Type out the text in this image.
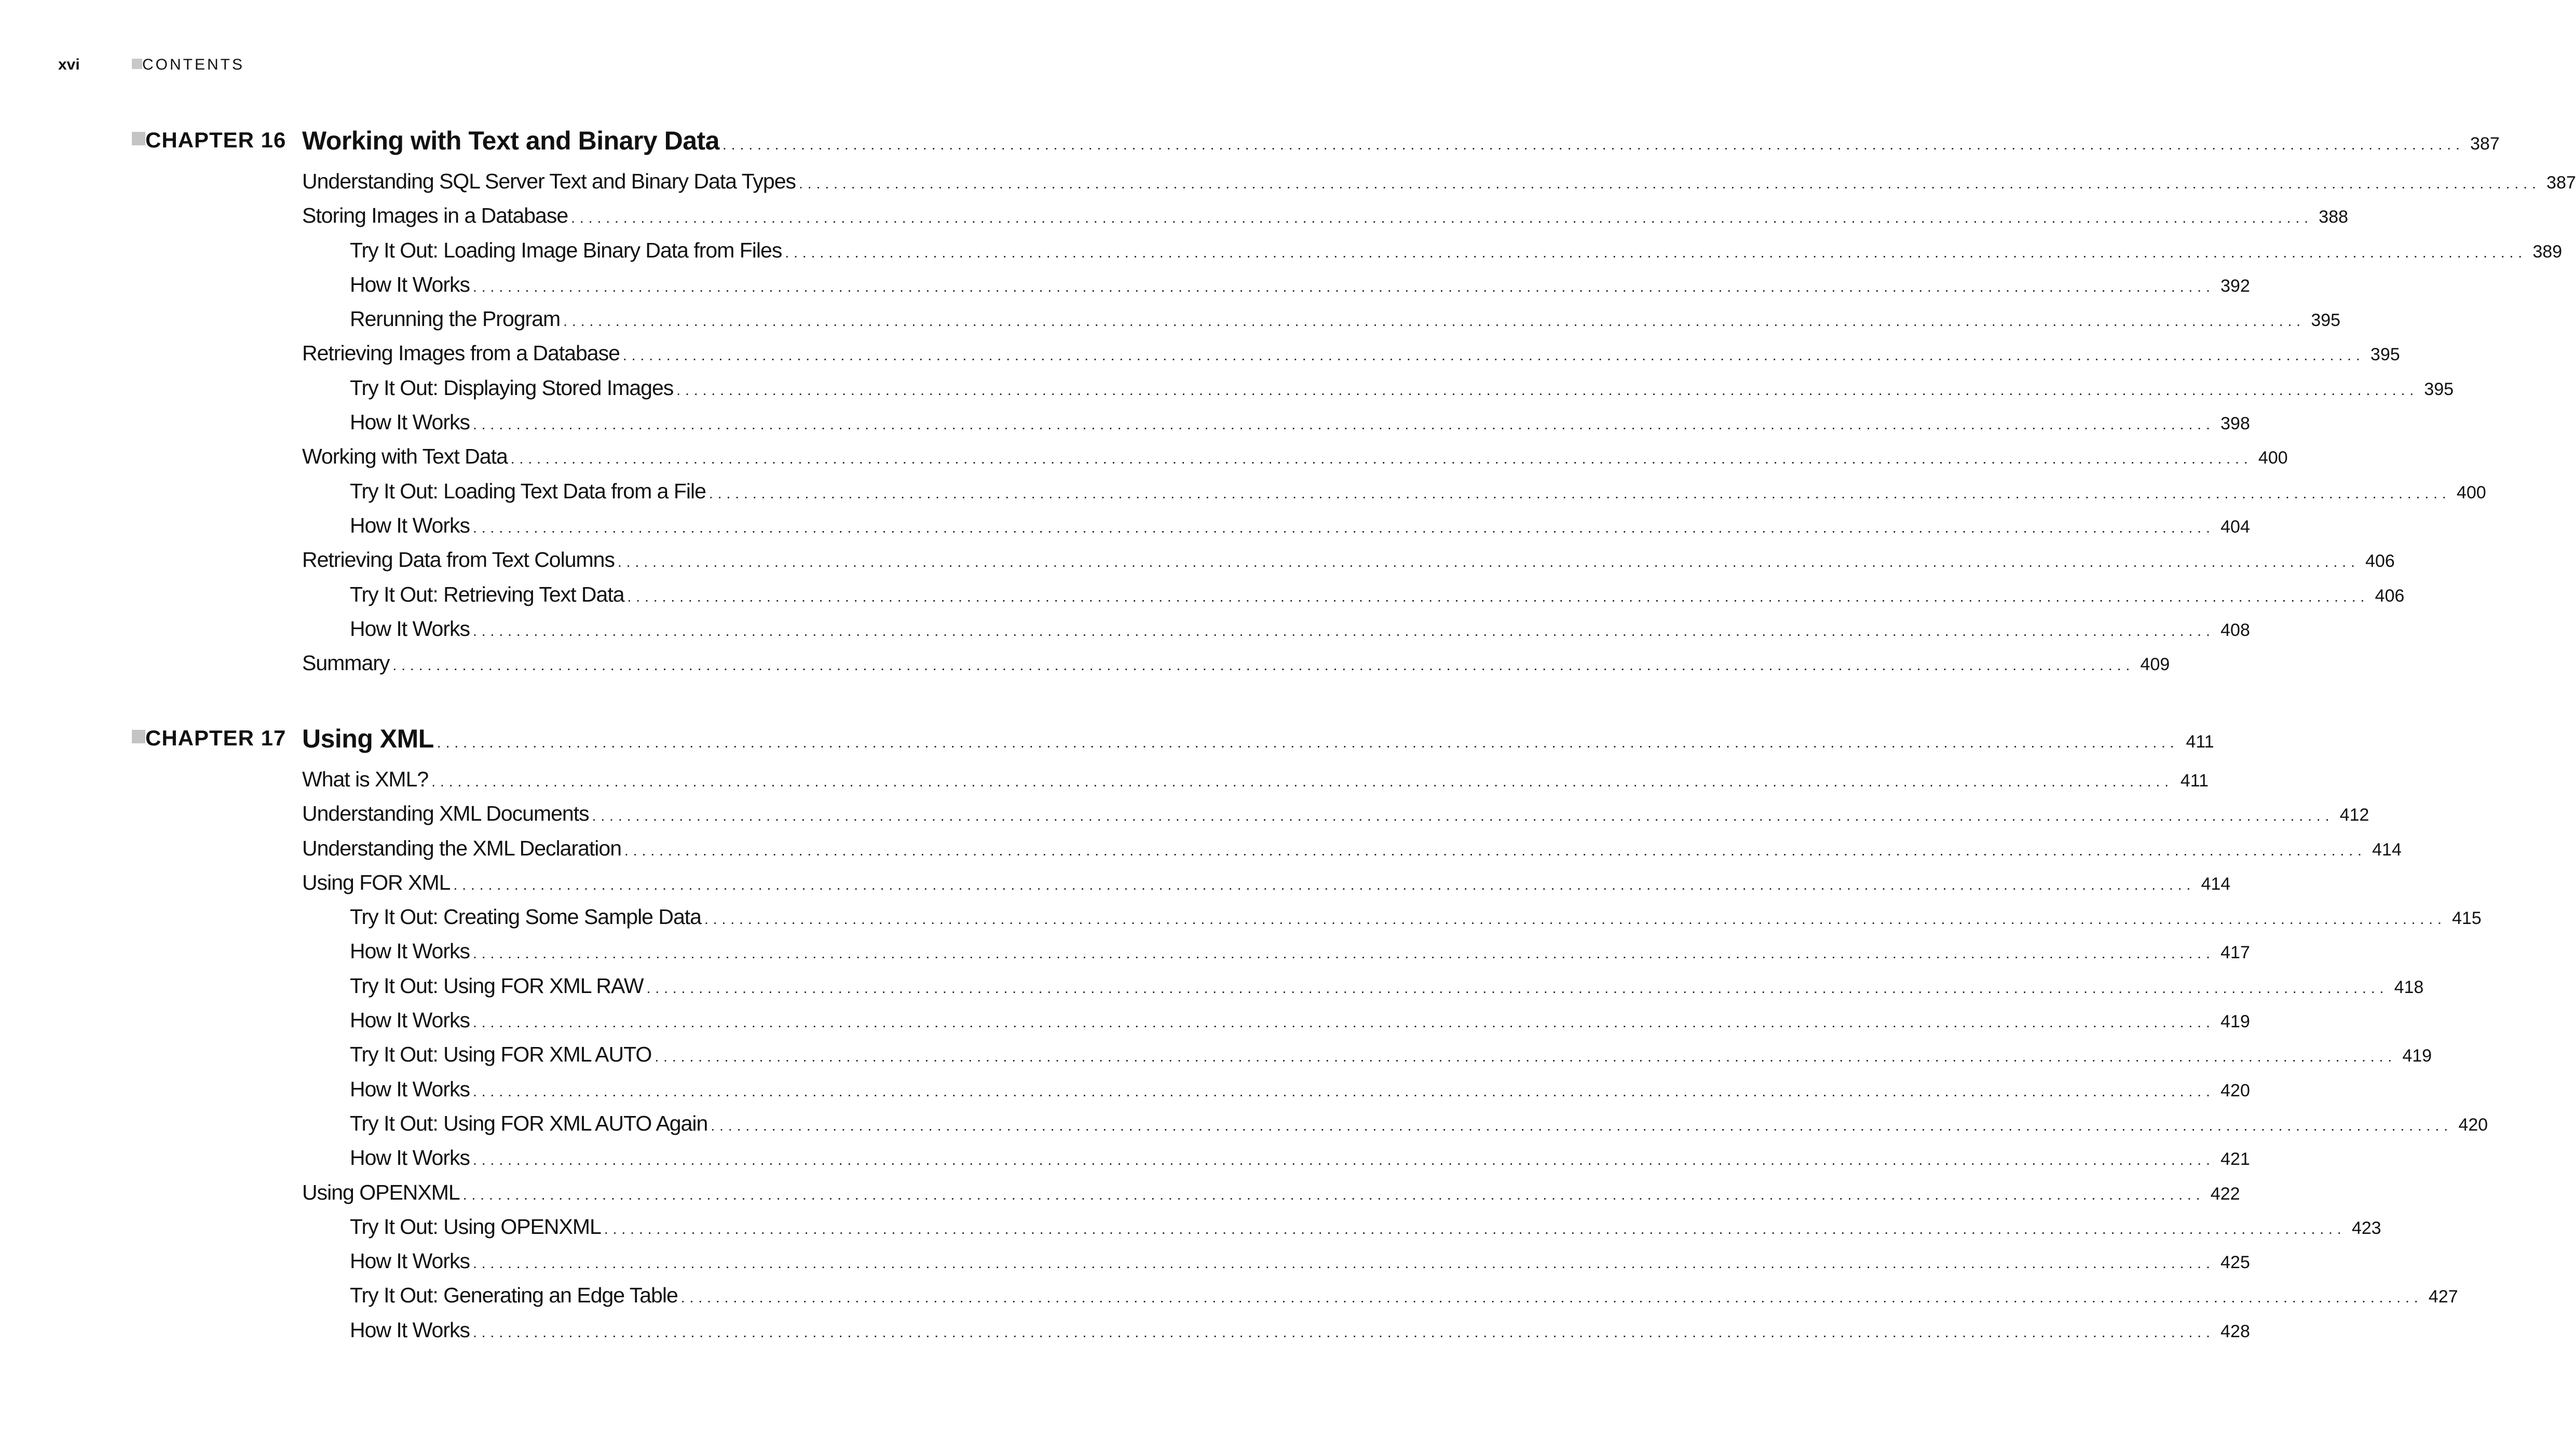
xvi	CONTENTS
CHAPTER 16 Working with Text and Binary Data ........................................................................................................................................................................................................ 387
Understanding SQL Server Text and Binary Data Types ........................................................................................................................................................................................................ 387
Storing Images in a Database ........................................................................................................................................................................................................ 388
Try It Out: Loading Image Binary Data from Files ........................................................................................................................................................................................................ 389
How It Works ........................................................................................................................................................................................................ 392
Rerunning the Program ........................................................................................................................................................................................................ 395
Retrieving Images from a Database ........................................................................................................................................................................................................ 395
Try It Out: Displaying Stored Images ........................................................................................................................................................................................................ 395
How It Works ........................................................................................................................................................................................................ 398
Working with Text Data ........................................................................................................................................................................................................ 400
Try It Out: Loading Text Data from a File ........................................................................................................................................................................................................ 400
How It Works ........................................................................................................................................................................................................ 404
Retrieving Data from Text Columns ........................................................................................................................................................................................................ 406
Try It Out: Retrieving Text Data ........................................................................................................................................................................................................ 406
How It Works ........................................................................................................................................................................................................ 408
Summary ........................................................................................................................................................................................................ 409
CHAPTER 17 Using XML ........................................................................................................................................................................................................ 411
What is XML? ........................................................................................................................................................................................................ 411
Understanding XML Documents ........................................................................................................................................................................................................ 412
Understanding the XML Declaration ........................................................................................................................................................................................................ 414
Using FOR XML ........................................................................................................................................................................................................ 414
Try It Out: Creating Some Sample Data ........................................................................................................................................................................................................ 415
How It Works ........................................................................................................................................................................................................ 417
Try It Out: Using FOR XML RAW ........................................................................................................................................................................................................ 418
How It Works ........................................................................................................................................................................................................ 419
Try It Out: Using FOR XML AUTO ........................................................................................................................................................................................................ 419
How It Works ........................................................................................................................................................................................................ 420
Try It Out: Using FOR XML AUTO Again ........................................................................................................................................................................................................ 420
How It Works ........................................................................................................................................................................................................ 421
Using OPENXML ........................................................................................................................................................................................................ 422
Try It Out: Using OPENXML ........................................................................................................................................................................................................ 423
How It Works ........................................................................................................................................................................................................ 425
Try It Out: Generating an Edge Table ........................................................................................................................................................................................................ 427
How It Works ........................................................................................................................................................................................................ 428
